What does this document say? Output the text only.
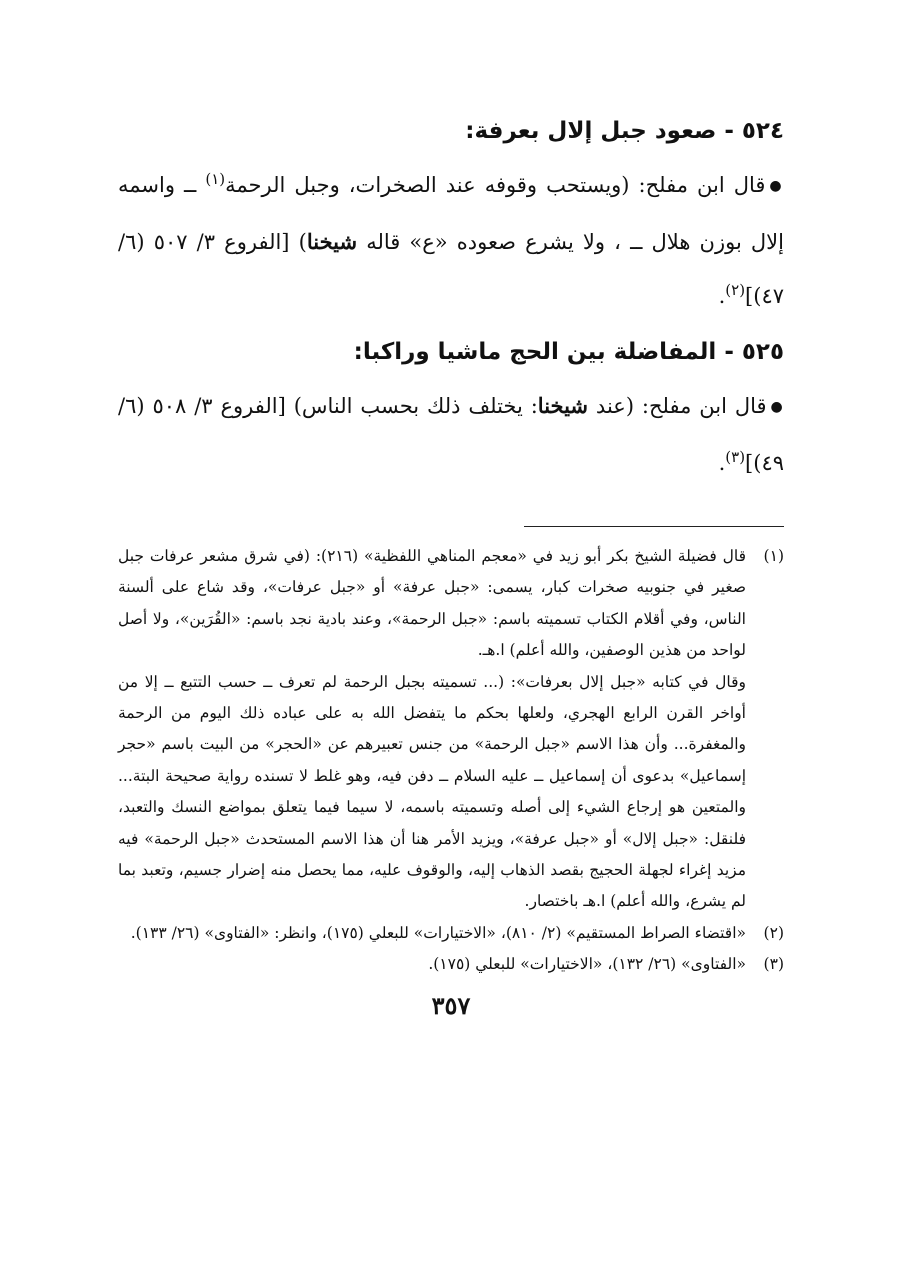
٥٢٤ - صعود جبل إلال بعرفة:

●قال ابن مفلح: (ويستحب وقوفه عند الصخرات، وجبل الرحمة$^{(١)}$ ــ واسمه إلال بوزن هلال ــ ، ولا يشرع صعوده «ع» قاله شيخنا) [الفروع ٣/ ٥٠٧ (٦/ ٤٧)]$^{(٢)}$.

٥٢٥ - المفاضلة بين الحج ماشيا وراكبا:

●قال ابن مفلح: (عند شيخنا: يختلف ذلك بحسب الناس) [الفروع ٣/ ٥٠٨ (٦/ ٤٩)]$^{(٣)}$.

(١)

قال فضيلة الشيخ بكر أبو زيد في «معجم المناهي اللفظية» (٢١٦): (في شرق مشعر عرفات جبل صغير في جنوبيه صخرات كبار، يسمى: «جبل عرفة» أو «جبل عرفات»، وقد شاع على ألسنة الناس، وفي أقلام الكتاب تسميته باسم: «جبل الرحمة»، وعند بادية نجد باسم: «القُرَين»، ولا أصل لواحد من هذين الوصفين، والله أعلم) ا.هـ.

وقال في كتابه «جبل إلال بعرفات»: (... تسميته بجبل الرحمة لم تعرف ــ حسب التتبع ــ إلا من أواخر القرن الرابع الهجري، ولعلها بحكم ما يتفضل الله به على عباده ذلك اليوم من الرحمة والمغفرة... وأن هذا الاسم «جبل الرحمة» من جنس تعبيرهم عن «الحجر» من البيت باسم «حجر إسماعيل» بدعوى أن إسماعيل ــ عليه السلام ــ دفن فيه، وهو غلط لا تسنده رواية صحيحة البتة... والمتعين هو إرجاع الشيء إلى أصله وتسميته باسمه، لا سيما فيما يتعلق بمواضع النسك والتعبد، فلنقل: «جبل إلال» أو «جبل عرفة»، ويزيد الأمر هنا أن هذا الاسم المستحدث «جبل الرحمة» فيه مزيد إغراء لجهلة الحجيج بقصد الذهاب إليه، والوقوف عليه، مما يحصل منه إضرار جسيم، وتعبد بما لم يشرع، والله أعلم) ا.هـ باختصار.

(٢)

«اقتضاء الصراط المستقيم» (٢/ ٨١٠)، «الاختيارات» للبعلي (١٧٥)، وانظر: «الفتاوى» (٢٦/ ١٣٣).

(٣)

«الفتاوى» (٢٦/ ١٣٢)، «الاختيارات» للبعلي (١٧٥).

٣٥٧
